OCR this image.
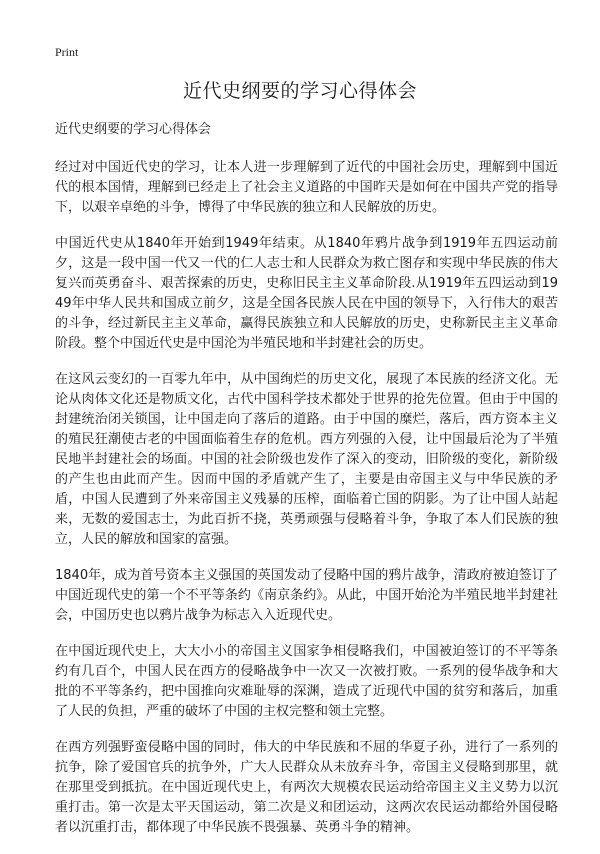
Print
近代史纲要的学习心得体会

近代史纲要的学习心得体会

经过对中国近代史的学习，让本人进一步理解到了近代的中国社会历史，理解到中国近代的根本国情，理解到已经走上了社会主义道路的中国昨天是如何在中国共产党的指导下，以艰辛卓绝的斗争，博得了中华民族的独立和人民解放的历史。

中国近代史从1840年开始到1949年结束。从1840年鸦片战争到1919年五四运动前夕，这是一段中国一代又一代的仁人志士和人民群众为救亡图存和实现中华民族的伟大复兴而英勇奋斗、艰苦探索的历史，史称旧民主主义革命阶段.从1919年五四运动到1949年中华人民共和国成立前夕，这是全国各民族人民在中国的领导下，入行伟大的艰苦的斗争，经过新民主主义革命，赢得民族独立和人民解放的历史，史称新民主主义革命阶段。整个中国近代史是中国沦为半殖民地和半封建社会的历史。

在这风云变幻的一百零九年中，从中国绚烂的历史文化，展现了本民族的经济文化。无论从肉体文化还是物质文化，古代中国科学技术都处于世界的抢先位置。但由于中国的封建统治闭关锁国，让中国走向了落后的道路。由于中国的糜烂，落后，西方资本主义的殖民狂潮使古老的中国面临着生存的危机。西方列强的入侵，让中国最后沦为了半殖民地半封建社会的场面。中国的社会阶级也发作了深入的变动，旧阶级的变化，新阶级的产生也由此而产生。因而中国的矛盾就产生了，主要是由帝国主义与中华民族的矛盾，中国人民遭到了外来帝国主义残暴的压榨，面临着亡国的阴影。为了让中国人站起来，无数的爱国志士，为此百折不挠，英勇顽强与侵略着斗争，争取了本人们民族的独立，人民的解放和国家的富强。

1840年，成为首号资本主义强国的英国发动了侵略中国的鸦片战争，清政府被迫签订了中国近现代史的第一个不平等条约《南京条约》。从此，中国开始沦为半殖民地半封建社会，中国历史也以鸦片战争为标志入入近现代史。

在中国近现代史上，大大小小的帝国主义国家争相侵略我们，中国被迫签订的不平等条约有几百个，中国人民在西方的侵略战争中一次又一次被打败。一系列的侵华战争和大批的不平等条约，把中国推向灾难耻辱的深渊，造成了近现代中国的贫穷和落后，加重了人民的负担，严重的破坏了中国的主权完整和领土完整。

在西方列强野蛮侵略中国的同时，伟大的中华民族和不屈的华夏子孙，进行了一系列的抗争，除了爱国官兵的抗争外，广大人民群众从未放弃斗争，帝国主义侵略到那里，就在那里受到抵抗。在中国近现代史上，有两次大规模农民运动给帝国主义主义势力以沉重打击。第一次是太平天国运动，第二次是义和团运动，这两次农民运动都给外国侵略者以沉重打击，都体现了中华民族不畏强暴、英勇斗争的精神。
